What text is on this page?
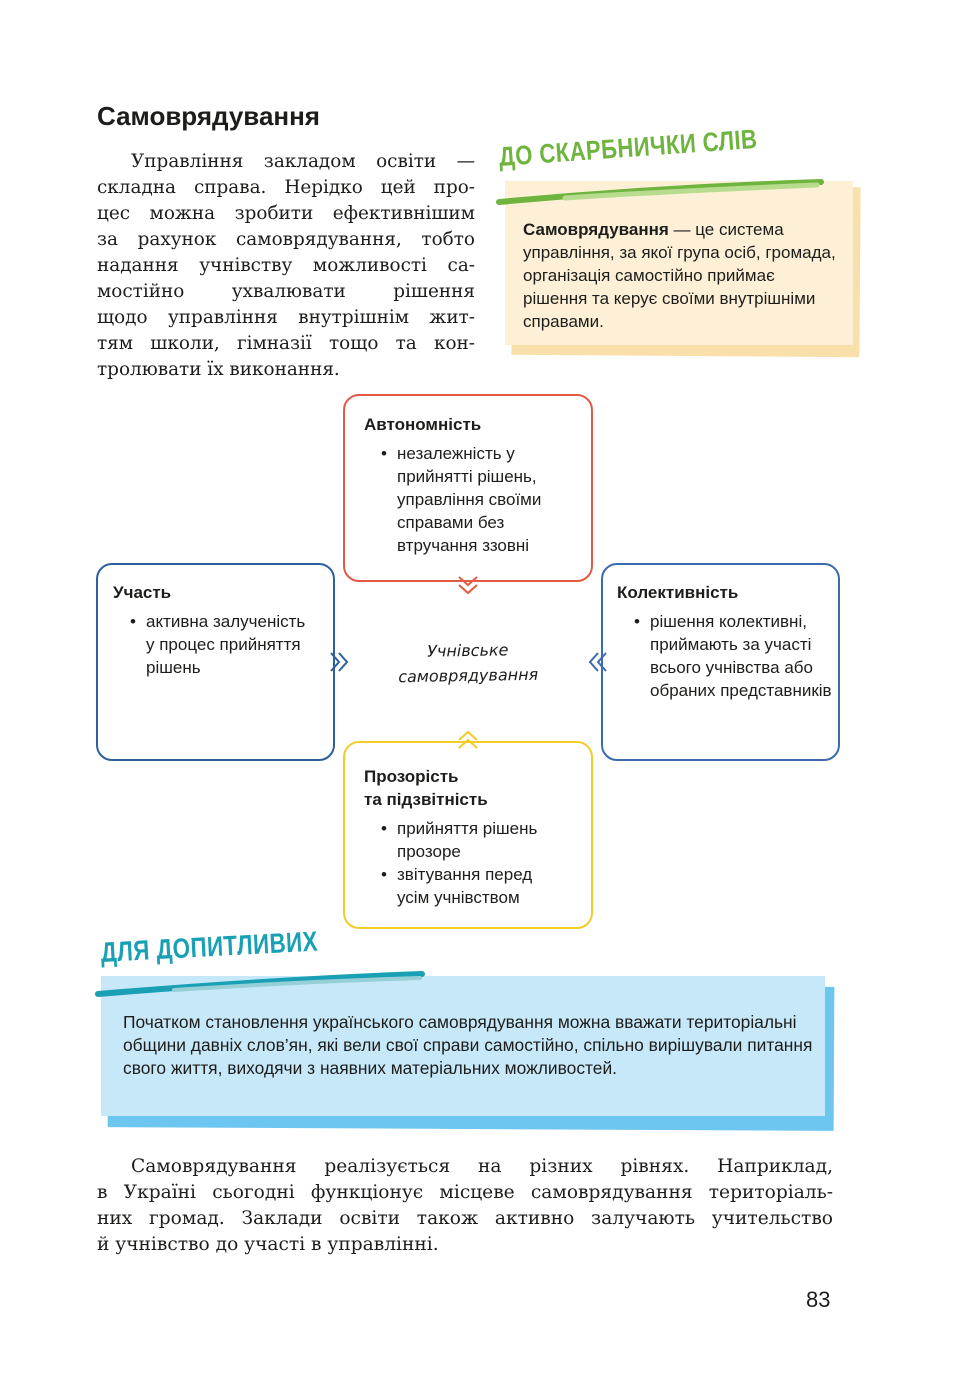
Самоврядування

Управління закладом освіти —
складна справа. Нерідко цей про-
цес можна зробити ефективнішим
за рахунок самоврядування, тобто
надання учнівству можливості са-
мостійно ухвалювати рішення
щодо управління внутрішнім жит-
тям школи, гімназії тощо та кон-
тролювати їх виконання.

ДО СКАРБНИЧКИ СЛІВ

Самоврядування — це система управління, за якої група осіб, громада, організація самостійно приймає рішення та керує своїми внутрішніми справами.

Автономність
• незалежність у прийнятті рішень, управління своїми справами без втручання ззовні
Участь
• активна залученість у процес прийняття рішень
Колективність
• рішення колективні, приймають за участі всього учнівства або обраних представників
Прозорість
та підзвітність
• прийняття рішень прозоре
• звітування перед усім учнівством

Учнівське
самоврядування

ДЛЯ ДОПИТЛИВИХ

Початком становлення українського самоврядування можна вважати територіальні общини давніх слов’ян, які вели свої справи самостійно, спільно вирішували питання свого життя, виходячи з наявних матеріальних можливостей.

Самоврядування реалізується на різних рівнях. Наприклад,
в Україні сьогодні функціонує місцеве самоврядування територіаль-
них громад. Заклади освіти також активно залучають учительство
й учнівство до участі в управлінні.

83
